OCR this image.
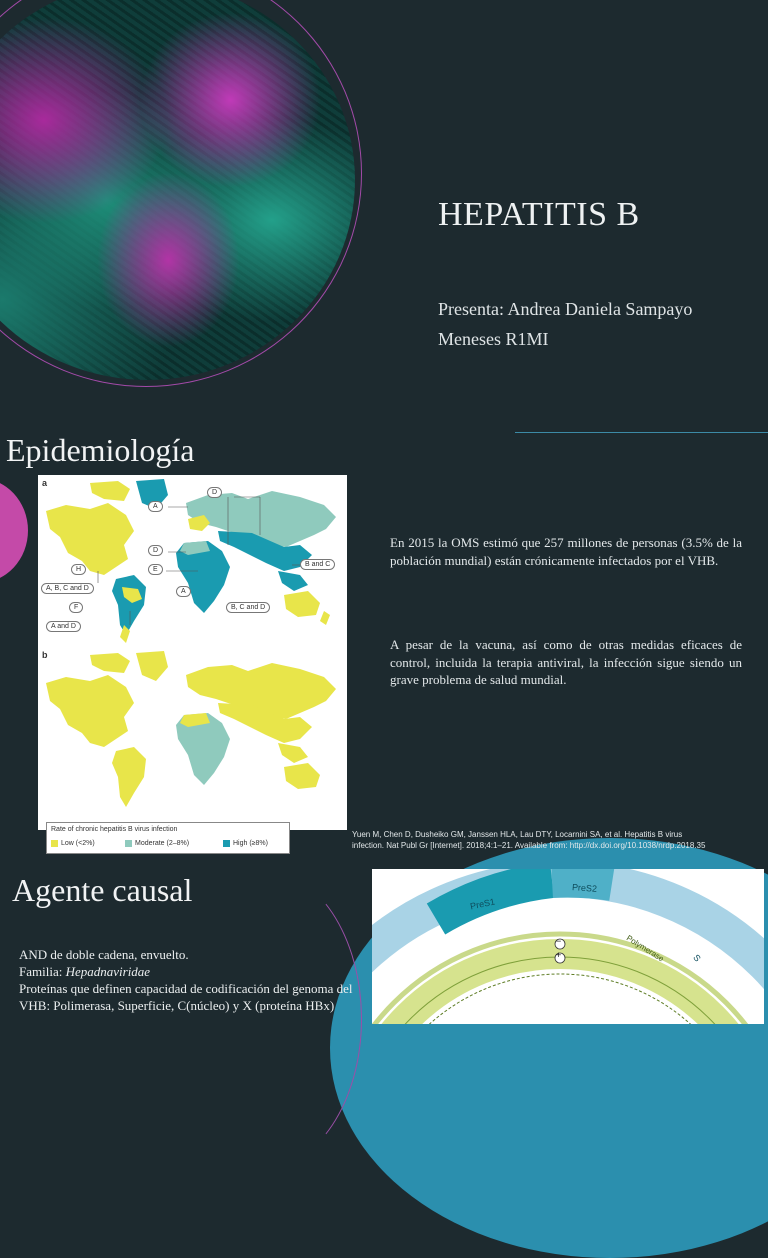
HEPATITIS B
Presenta: Andrea Daniela Sampayo Meneses R1MI
Epidemiología
a
D
A
D
E
A
H
A, B, C and D
F
A and D
B and C
B, C and D
b
Rate of chronic hepatitis B virus infection
Low (<2%)	Moderate (2–8%)	High (≥8%)
En 2015 la OMS estimó que 257 millones de personas (3.5% de la población mundial) están crónicamente infectados por el VHB.
A pesar de la vacuna, así como de otras medidas eficaces de control, incluida la terapia antiviral, la infección sigue siendo un grave problema de salud mundial.
Yuen M, Chen D, Dusheiko GM, Janssen HLA, Lau DTY, Locarnini SA, et al. Hepatitis B virus infection. Nat Publ Gr [Internet]. 2018;4:1–21. Available from: http://dx.doi.org/10.1038/nrdp.2018.35
Agente causal	PreS1
PreS2
S
Polymerase
−
+
AND de doble cadena, envuelto.
Familia: Hepadnaviridae
Proteínas que definen capacidad de codificación del genoma del VHB: Polimerasa, Superficie, C(núcleo) y X (proteína HBx)
